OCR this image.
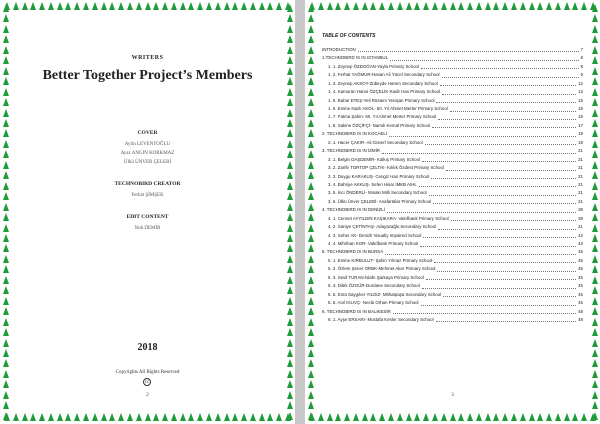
WRITERS
Better Together Project’s Members
COVER
Aylin LEVENTOĞLU
Ayaz ANGIN KORKMAZ
Ülkü ÜNVER ÇELEBİ
TECHNOBIRD CREATOR
Ferhat ŞİMŞEK
EDIT CONTENT
Nuh DEMİR
2018
Copyrights All Rights Reserved
cc
2
TABLE OF CONTENTS
INTRODUCTION	7
1.TECHNOBIRD IS IN ISTANBUL	8
1. 1. Zeynep ÖZDOĞAN-Yayla Primary School	8
1. 2. Ferhat YAĞMUR-Hasan Ali Yücel Secondary School	9
1. 3. Zeynep AKSOY-Zübeyde Hanım Secondary School	12
1. 4. Kamuran Hanoi ÖZÇELİK-Kadir Has Primary School	13
1. 5. Bahar ETEŞ-Yeli Rüstem Yenişan Primary School	15
1. 6. Emine Nazlı AKOL- 50. Yıl Ahmet Merter Primary School	16
1. 7. Fatma Şahin- 50. Yıl Ahmet Merter Primary School	16
1. 8. Sakine ÖZÇİFÇİ- Namık Kemal Primary School	17
2. TECHNOBIRD IS IN KOCAELİ	19
2. 1. Hacer ÇAKIR- Ali Günerl Secondary School	19
3. TECHNOBIRD IS IN İZMİR	21
3. 1. Belgin DAŞDEMİR- Kalkış Primary School	21
3. 2. Zarife TORTOP ÇELTİK- Kıklık Özdest Primary School	21
3. 3. Duygu KARAKUŞ- Cengiz Han Primary School	21
3. 4. Bahriye AKKUŞ- Seferi Hisar İMKB AIHL	21
3. 5. İnci ÖNDERLİ- Mısakı Milli Secondary School	21
3. 6. Ülkü Ünver ÇELEBİ- Anafartalar Primary School	21
4. TECHNOBIRD IS IN DENİZLİ	39
4. 1. Cennet AYYILDIN KAŞIKARA- Vakıfbank Primary School	39
4. 2. Saniye ÇETİNTAŞ- Adayazağlu Secondary School	41
4. 3. Seher AK- Denizli Visually Impaired School	42
4. 4. Mihriban KOR- Vakıfbank Primary School	43
5. TECHNOBIRD IS IN BURSA	45
5. 1. Emine KIRBULUT- Şahin Yılmaz Primary School	45
5. 2. Özlem Şener ORBK-Mehmet Aker Primary School	45
5. 3. Sevil TURAN-İslahı Şarkaya Primary School	45
5. 4. Dilek ÖZGÜR-Durdane Secondary School	45
5. 5. Esra Saygılıer YILDIZ- Mithatpaşa Secondary School	45
5. 6. Anıl KILIVÇ- Necla Orhan Primary School	45
6. TECHNOBIRD IS IN BALIKESİR	48
6. 1. Ayşe ERSARI- Mustafa Kesler Secondary School	48
3
